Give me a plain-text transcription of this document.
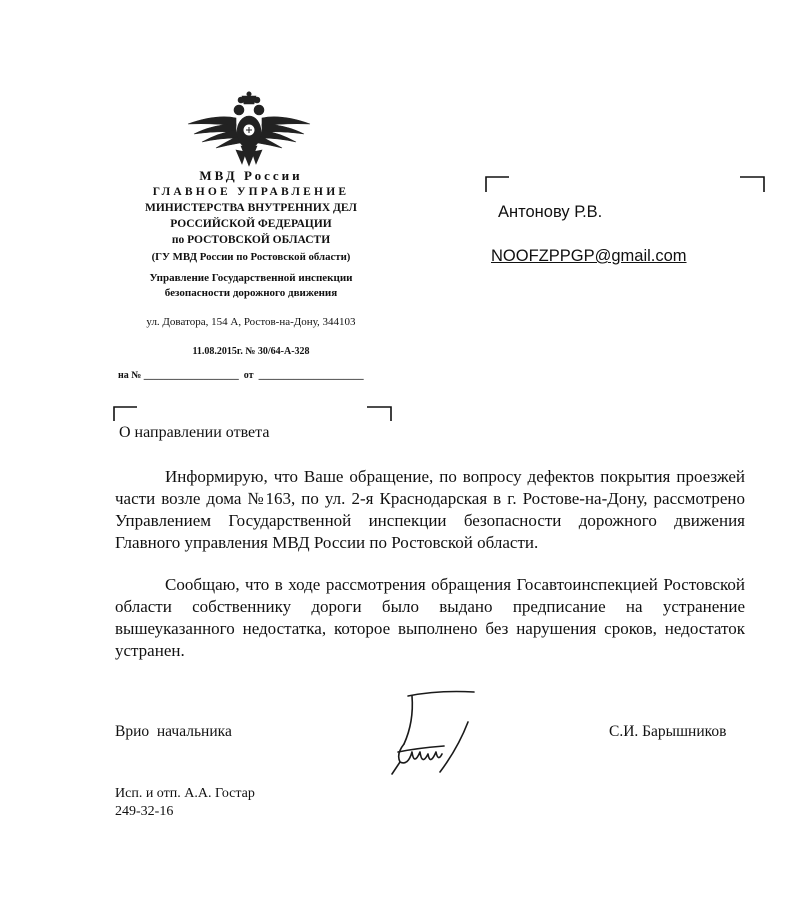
МВД России
ГЛАВНОЕ УПРАВЛЕНИЕ
МИНИСТЕРСТВА ВНУТРЕННИХ ДЕЛ
РОССИЙСКОЙ ФЕДЕРАЦИИ
по РОСТОВСКОЙ ОБЛАСТИ
(ГУ МВД России по Ростовской области)
Управление Государственной инспекции
безопасности дорожного движения
ул. Доватора, 154 А, Ростов-на-Дону, 344103
11.08.2015г. № 30/64-А-328
на № ___________________  от  _____________________
Антонову Р.В.
NOOFZPPGP@gmail.com
О направлении ответа
Информирую, что Ваше обращение, по вопросу дефектов покрытия проезжей части возле дома №163, по ул. 2-я Краснодарская в г. Ростове-на-Дону, рассмотрено Управлением Государственной инспекции безопасности дорожного движения Главного управления МВД России по Ростовской области.
Сообщаю, что в ходе рассмотрения обращения Госавтоинспекцией Ростовской области собственнику дороги было выдано предписание на устранение вышеуказанного недостатка, которое выполнено без нарушения сроков, недостаток устранен.
Врио  начальника	С.И. Барышников
Исп. и отп. А.А. Гостар
249-32-16
